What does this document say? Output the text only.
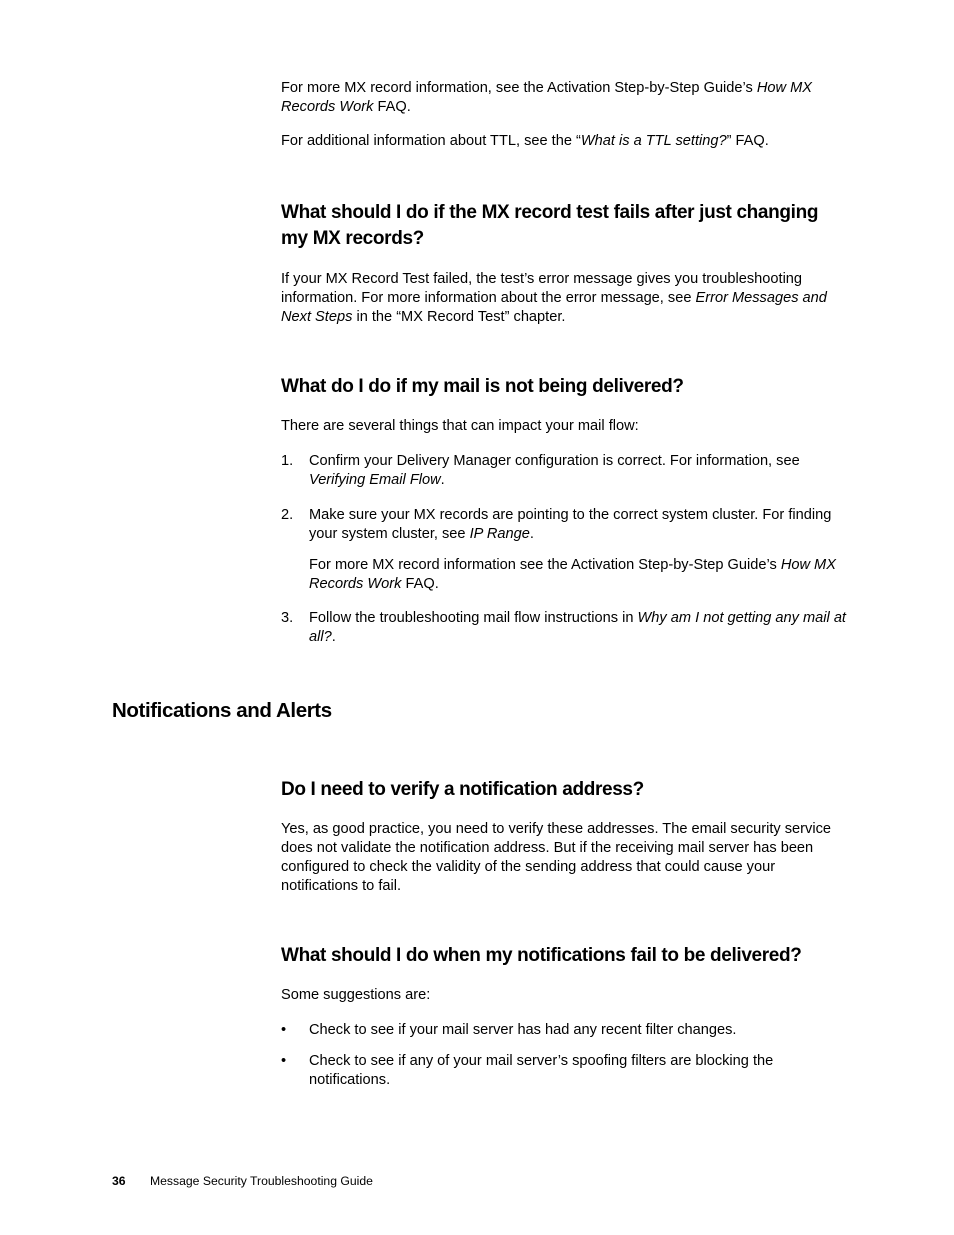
For more MX record information, see the Activation Step-by-Step Guide’s How MX Records Work FAQ.

For additional information about TTL, see the “What is a TTL setting?” FAQ.

What should I do if the MX record test fails after just changing my MX records?

If your MX Record Test failed, the test’s error message gives you troubleshooting information. For more information about the error message, see Error Messages and Next Steps in the “MX Record Test” chapter.

What do I do if my mail is not being delivered?

There are several things that can impact your mail flow:

1.	Confirm your Delivery Manager configuration is correct. For information, see Verifying Email Flow.
2.	Make sure your MX records are pointing to the correct system cluster. For finding your system cluster, see IP Range.
For more MX record information see the Activation Step-by-Step Guide’s How MX Records Work FAQ.
3.	Follow the troubleshooting mail flow instructions in Why am I not getting any mail at all?.
Notifications and Alerts
Do I need to verify a notification address?

Yes, as good practice, you need to verify these addresses. The email security service does not validate the notification address. But if the receiving mail server has been configured to check the validity of the sending address that could cause your notifications to fail.

What should I do when my notifications fail to be delivered?

Some suggestions are:

•	Check to see if your mail server has had any recent filter changes.
•	Check to see if any of your mail server’s spoofing filters are blocking the notifications.
36 Message Security Troubleshooting Guide
